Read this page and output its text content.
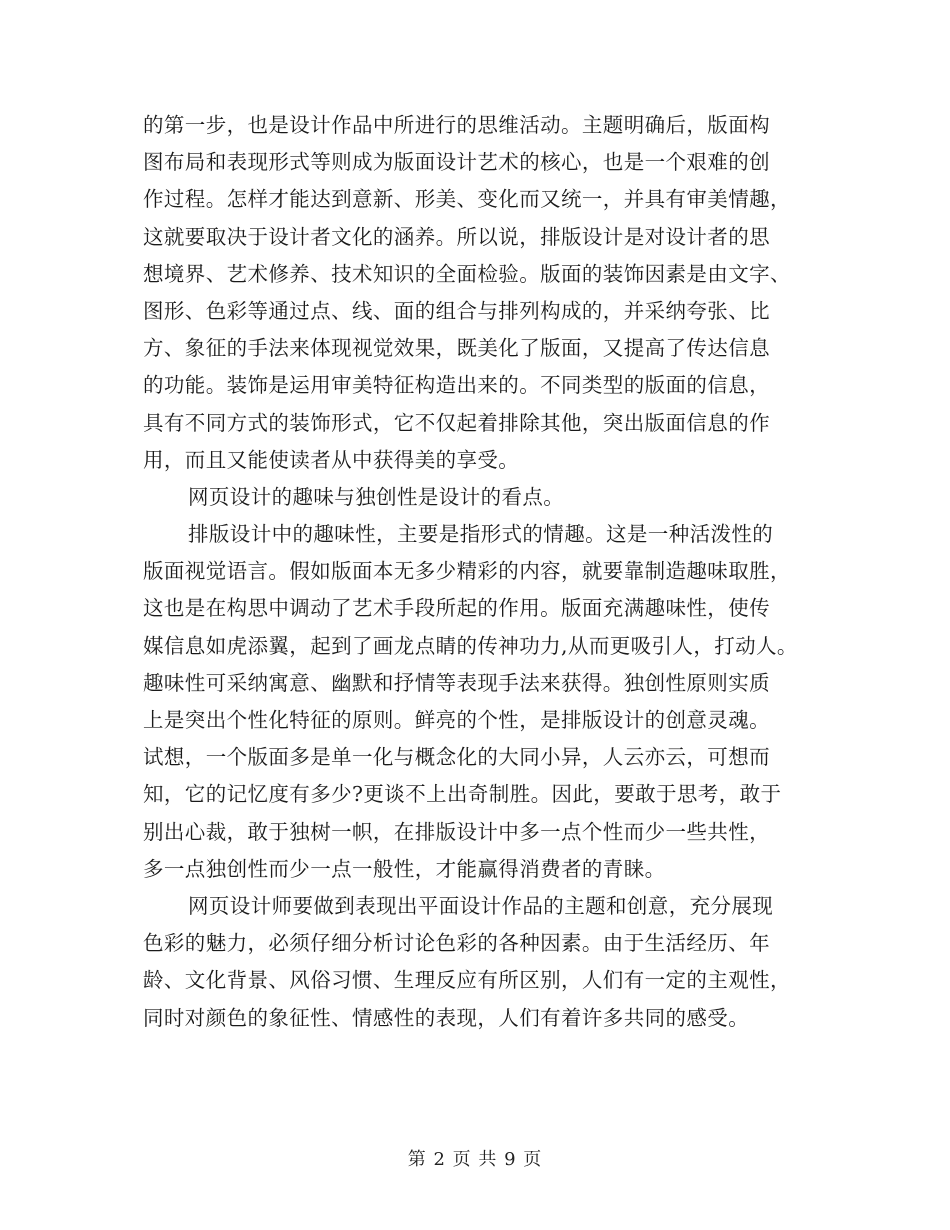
的第一步，也是设计作品中所进行的思维活动。主题明确后，版面构
图布局和表现形式等则成为版面设计艺术的核心，也是一个艰难的创
作过程。怎样才能达到意新、形美、变化而又统一，并具有审美情趣，
这就要取决于设计者文化的涵养。所以说，排版设计是对设计者的思
想境界、艺术修养、技术知识的全面检验。版面的装饰因素是由文字、
图形、色彩等通过点、线、面的组合与排列构成的，并采纳夸张、比
方、象征的手法来体现视觉效果，既美化了版面，又提高了传达信息
的功能。装饰是运用审美特征构造出来的。不同类型的版面的信息，
具有不同方式的装饰形式，它不仅起着排除其他，突出版面信息的作
用，而且又能使读者从中获得美的享受。
网页设计的趣味与独创性是设计的看点。
排版设计中的趣味性，主要是指形式的情趣。这是一种活泼性的
版面视觉语言。假如版面本无多少精彩的内容，就要靠制造趣味取胜，
这也是在构思中调动了艺术手段所起的作用。版面充满趣味性，使传
媒信息如虎添翼，起到了画龙点睛的传神功力,从而更吸引人，打动人。
趣味性可采纳寓意、幽默和抒情等表现手法来获得。独创性原则实质
上是突出个性化特征的原则。鲜亮的个性，是排版设计的创意灵魂。
试想，一个版面多是单一化与概念化的大同小异，人云亦云，可想而
知，它的记忆度有多少?更谈不上出奇制胜。因此，要敢于思考，敢于
别出心裁，敢于独树一帜，在排版设计中多一点个性而少一些共性，
多一点独创性而少一点一般性，才能赢得消费者的青睐。
网页设计师要做到表现出平面设计作品的主题和创意，充分展现
色彩的魅力，必须仔细分析讨论色彩的各种因素。由于生活经历、年
龄、文化背景、风俗习惯、生理反应有所区别，人们有一定的主观性，
同时对颜色的象征性、情感性的表现，人们有着许多共同的感受。
第 2 页 共 9 页
